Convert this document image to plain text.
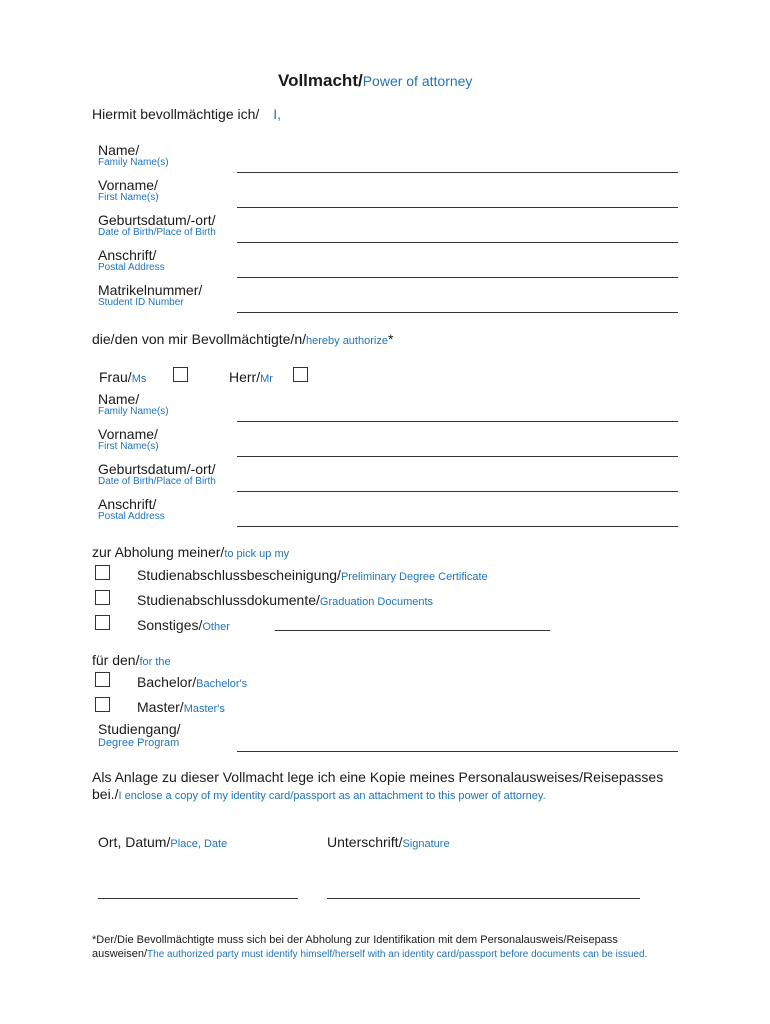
Vollmacht/Power of attorney
Hiermit bevollmächtige ich/ I,
Name/
Family Name(s)
Vorname/
First Name(s)
Geburtsdatum/-ort/
Date of Birth/Place of Birth
Anschrift/
Postal Address
Matrikelnummer/
Student ID Number
die/den von mir Bevollmächtigte/n/hereby authorize*
Frau/Ms	Herr/Mr
Name/
Family Name(s)
Vorname/
First Name(s)
Geburtsdatum/-ort/
Date of Birth/Place of Birth
Anschrift/
Postal Address
zur Abholung meiner/to pick up my
Studienabschlussbescheinigung/Preliminary Degree Certificate
Studienabschlussdokumente/Graduation Documents
Sonstiges/Other
für den/for the
Bachelor/Bachelor's
Master/Master's
Studiengang/
Degree Program
Als Anlage zu dieser Vollmacht lege ich eine Kopie meines Personalausweises/Reisepasses
bei./I enclose a copy of my identity card/passport as an attachment to this power of attorney.
Ort, Datum/Place, Date	Unterschrift/Signature
*Der/Die Bevollmächtigte muss sich bei der Abholung zur Identifikation mit dem Personalausweis/Reisepass
ausweisen/The authorized party must identify himself/herself with an identity card/passport before documents can be issued.
